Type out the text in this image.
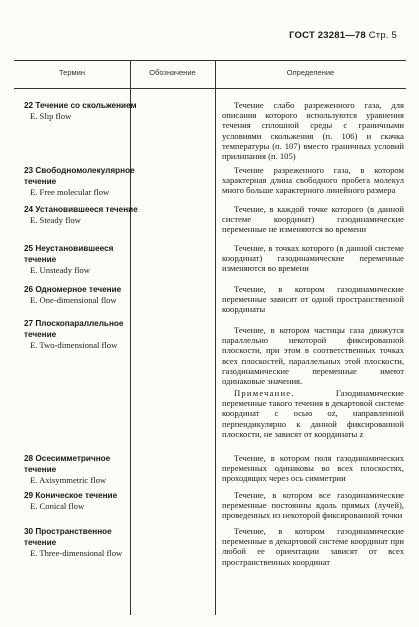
ГОСТ 23281—78 Стр. 5
Термин	Обозначение	Определение
22 Течение со скольжением
E. Slip flow
Течение слабо разреженного газа, для описания которого используются уравнения течения сплошной среды с граничными условиями скольжения (п. 106) и скачка температуры (п. 107) вместо граничных условий прилипания (п. 105)
23 Свободномолекулярное течение
E. Free molecular flow
Течение разреженного газа, в котором характерная длина свободного пробега молекул много больше характерного линейного размера
24 Установившееся течение
E. Steady flow
Течение, в каждой точке которого (в данной системе координат) газодинамические переменные не изменяются во времени
25 Неустановившееся течение
E. Unsteady flow
Течение, в точках которого (в данной системе координат) газодинамические переменные изменяются во времени
26 Одномерное течение
E. One-dimensional flow
Течение, в котором газодинамические переменные зависят от одной пространственной координаты
27 Плоскопараллельное течение
E. Two-dimensional flow
Течение, в котором частицы газа движутся параллельно некоторой фиксированной плоскости, при этом в соответственных точках всех плоскостей, параллельных этой плоскости, газодинамические переменные имеют одинаковые значения.
Примечание.	Газодинамические переменные такого течения в декартовой системе координат с осью oz, направленной перпендикулярно к данной фиксированной плоскости, не зависят от координаты z
28 Осесимметричное течение
E. Axisymmetric flow
Течение, в котором поля газодинамических переменных одинаковы во всех плоскостях, проходящих через ось симметрии
29 Коническое течение
E. Conical flow
Течение, в котором все газодинамические переменные постоянны вдоль прямых (лучей), проведенных из некоторой фиксированной точки
30 Пространственное течение
E. Three-dimensional flow
Течение, в котором газодинамические переменные в декартовой системе координат при любой ее ориентации зависят от всех пространственных координат
